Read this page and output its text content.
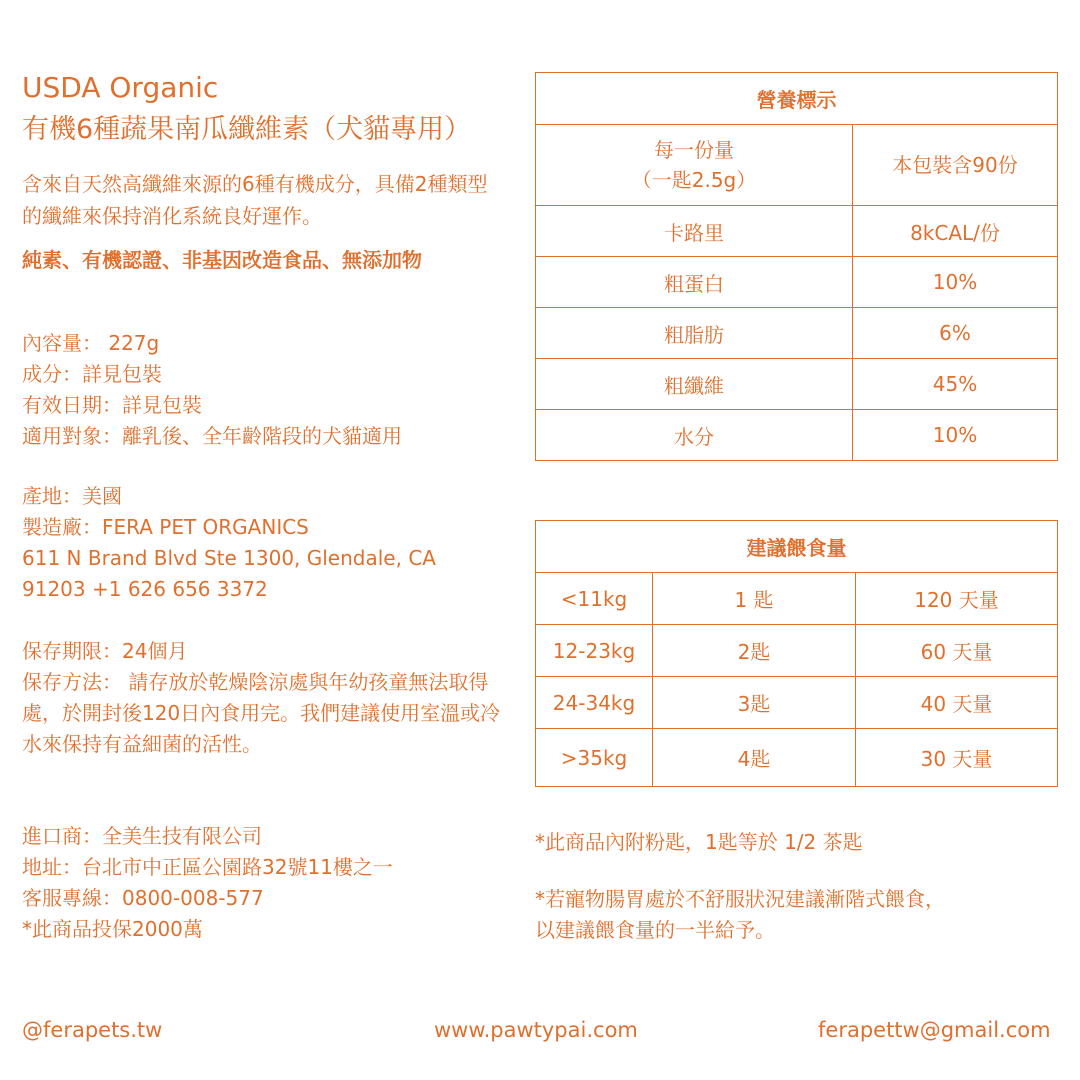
USDA Organic
有機6種蔬果南瓜纖維素（犬貓專用）
含來自天然高纖維來源的6種有機成分，具備2種類型的纖維來保持消化系統良好運作。
純素、有機認證、非基因改造食品、無添加物
內容量： 227g
成分：詳見包裝
有效日期：詳見包裝
適用對象：離乳後、全年齡階段的犬貓適用
產地：美國
製造廠：FERA PET ORGANICS
611 N Brand Blvd Ste 1300, Glendale, CA
91203 +1 626 656 3372
保存期限：24個月
保存方法： 請存放於乾燥陰涼處與年幼孩童無法取得處，於開封後120日內食用完。我們建議使用室溫或冷水來保持有益細菌的活性。
進口商：全美生技有限公司
地址：台北市中正區公園路32號11樓之一
客服專線：0800-008-577
*此商品投保2000萬
營養標示	

每一份量
（一匙2.5g）	本包裝含90份
卡路里	8kCAL/份
粗蛋白	10%
粗脂肪	6%
粗纖維	45%
水分	10%
建議餵食量		
<11kg	1 匙	120 天量
12-23kg	2匙	60 天量
24-34kg	3匙	40 天量
>35kg	4匙	30 天量
*此商品內附粉匙，1匙等於 1/2 茶匙
*若寵物腸胃處於不舒服狀況建議漸階式餵食，
以建議餵食量的一半給予。
@ferapets.tw	www.pawtypai.com	ferapettw@gmail.com
